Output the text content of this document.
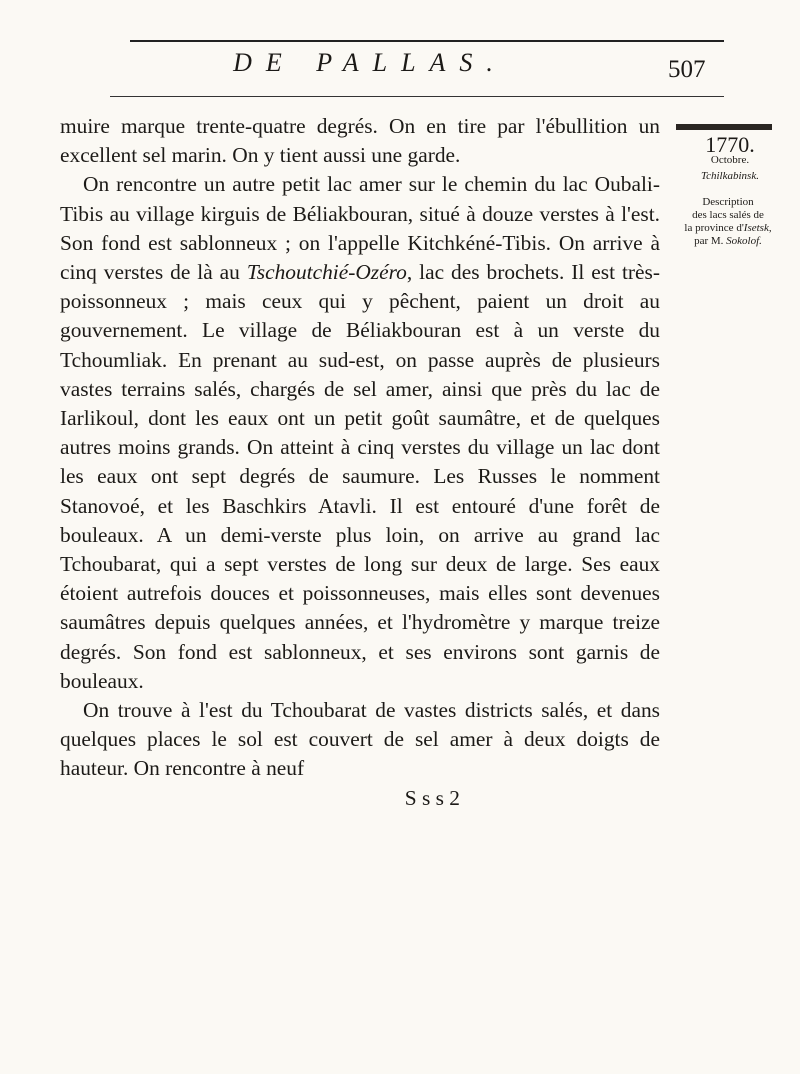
DE PALLAS.	507
1770.
Octobre.
Tchilkabinsk.
Description
des lacs salés de
la province d'Isetsk,
par M. Sokolof.

muire marque trente-quatre degrés. On en tire par l'ébullition un excellent sel marin. On y tient aussi une garde.

On rencontre un autre petit lac amer sur le chemin du lac Oubali-Tibis au village kirguis de Béliakbouran, situé à douze verstes à l'est. Son fond est sablonneux ; on l'appelle Kitchkéné-Tibis. On arrive à cinq verstes de là au Tschoutchié-Ozéro, lac des brochets. Il est très-poissonneux ; mais ceux qui y pêchent, paient un droit au gouvernement. Le village de Béliakbouran est à un verste du Tchoumliak. En prenant au sud-est, on passe auprès de plusieurs vastes terrains salés, chargés de sel amer, ainsi que près du lac de Iarlikoul, dont les eaux ont un petit goût saumâtre, et de quelques autres moins grands. On atteint à cinq verstes du village un lac dont les eaux ont sept degrés de saumure. Les Russes le nomment Stanovoé, et les Baschkirs Atavli. Il est entouré d'une forêt de bouleaux. A un demi-verste plus loin, on arrive au grand lac Tchoubarat, qui a sept verstes de long sur deux de large. Ses eaux étoient autrefois douces et poissonneuses, mais elles sont devenues saumâtres depuis quelques années, et l'hydromètre y marque treize degrés. Son fond est sablonneux, et ses environs sont garnis de bouleaux.

On trouve à l'est du Tchoubarat de vastes districts salés, et dans quelques places le sol est couvert de sel amer à deux doigts de hauteur. On rencontre à neuf

S s s 2
